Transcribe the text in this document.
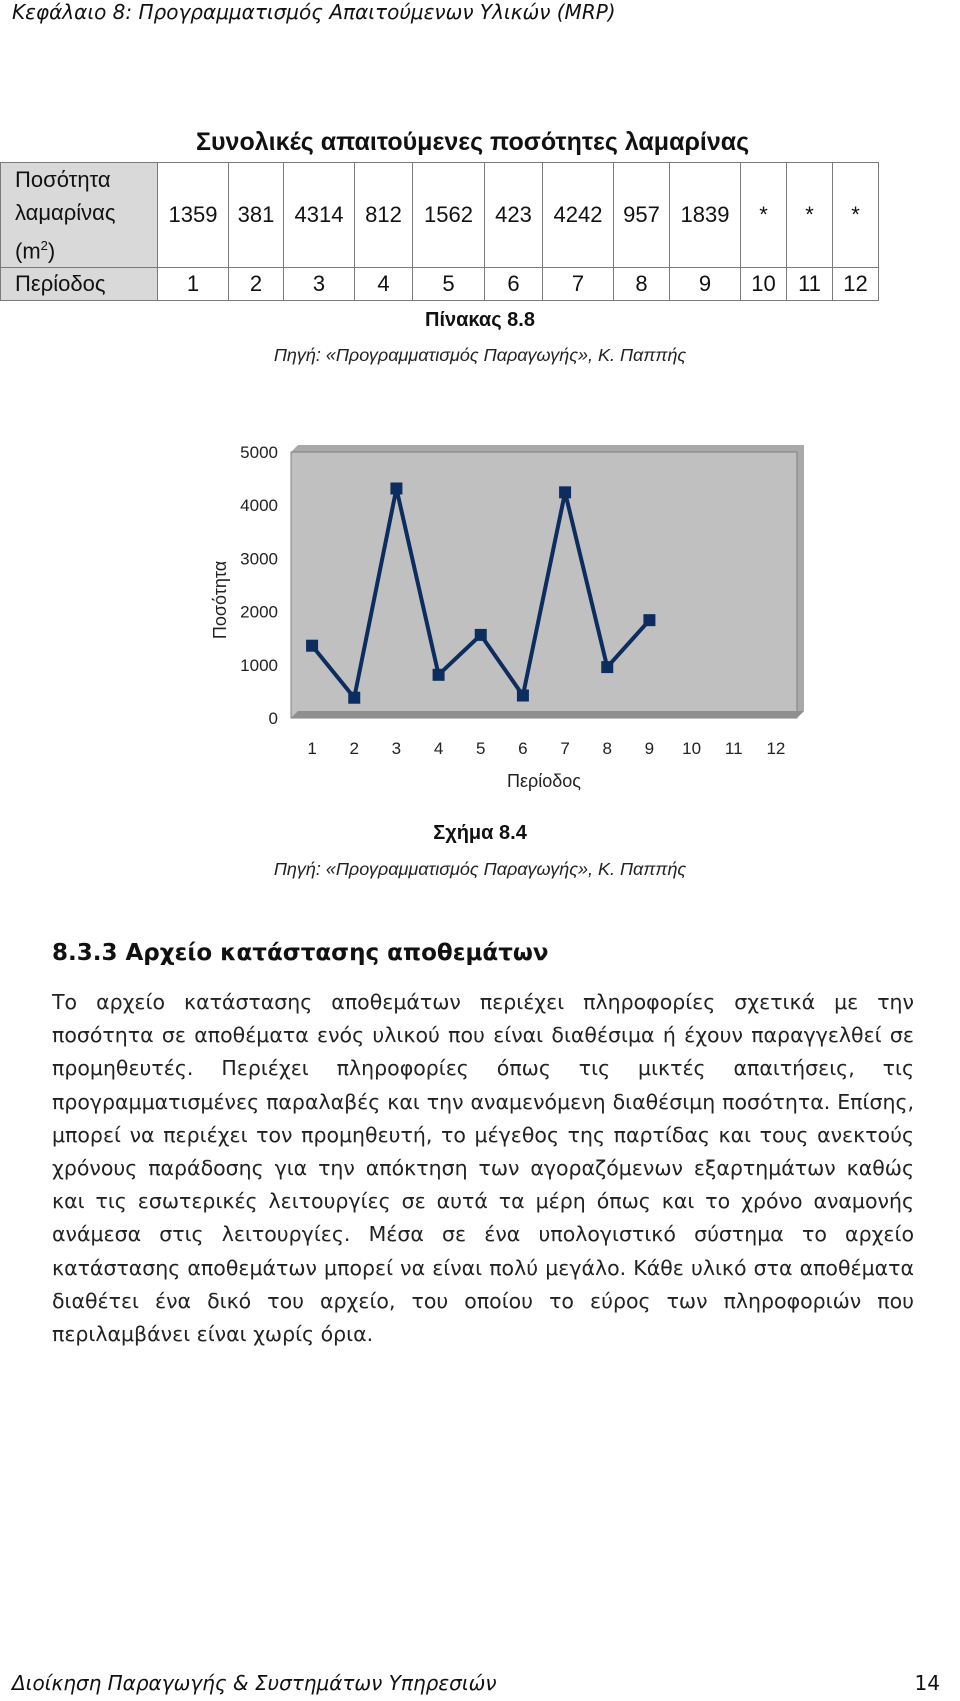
Κεφάλαιο 8: Προγραμματισμός Απαιτούμενων Υλικών (MRP)
Συνολικές απαιτούμενες ποσότητες λαμαρίνας
Ποσότητα
λαμαρίνας
$(m^2)$	1359	381	4314	812	1562	423	4242	957	1839	*	*	*
Περίοδος	1	2	3	4	5	6	7	8	9	10	11	12
Πίνακας 8.8
Πηγή: «Προγραμματισμός Παραγωγής», Κ. Παππής
0
1000
2000
3000
4000
5000
1 2 3 4 5 6 7 8 9 10 11 12
Περίοδος
Ποσότητα
Σχήμα 8.4
Πηγή: «Προγραμματισμός Παραγωγής», Κ. Παππής
8.3.3 Αρχείο κατάστασης αποθεμάτων
Το αρχείο κατάστασης αποθεμάτων περιέχει πληροφορίες σχετικά με την ποσότητα σε αποθέματα ενός υλικού που είναι διαθέσιμα ή έχουν παραγγελθεί σε προμηθευτές. Περιέχει πληροφορίες όπως τις μικτές απαιτήσεις, τις προγραμματισμένες παραλαβές και την αναμενόμενη διαθέσιμη ποσότητα. Επίσης, μπορεί να περιέχει τον προμηθευτή, το μέγεθος της παρτίδας και τους ανεκτούς χρόνους παράδοσης για την απόκτηση των αγοραζόμενων εξαρτημάτων καθώς και τις εσωτερικές λειτουργίες σε αυτά τα μέρη όπως και το χρόνο αναμονής ανάμεσα στις λειτουργίες. Μέσα σε ένα υπολογιστικό σύστημα το αρχείο κατάστασης αποθεμάτων μπορεί να είναι πολύ μεγάλο. Κάθε υλικό στα αποθέματα διαθέτει ένα δικό του αρχείο, του οποίου το εύρος των πληροφοριών που περιλαμβάνει είναι χωρίς όρια.
Διοίκηση Παραγωγής & Συστημάτων Υπηρεσιών	14
